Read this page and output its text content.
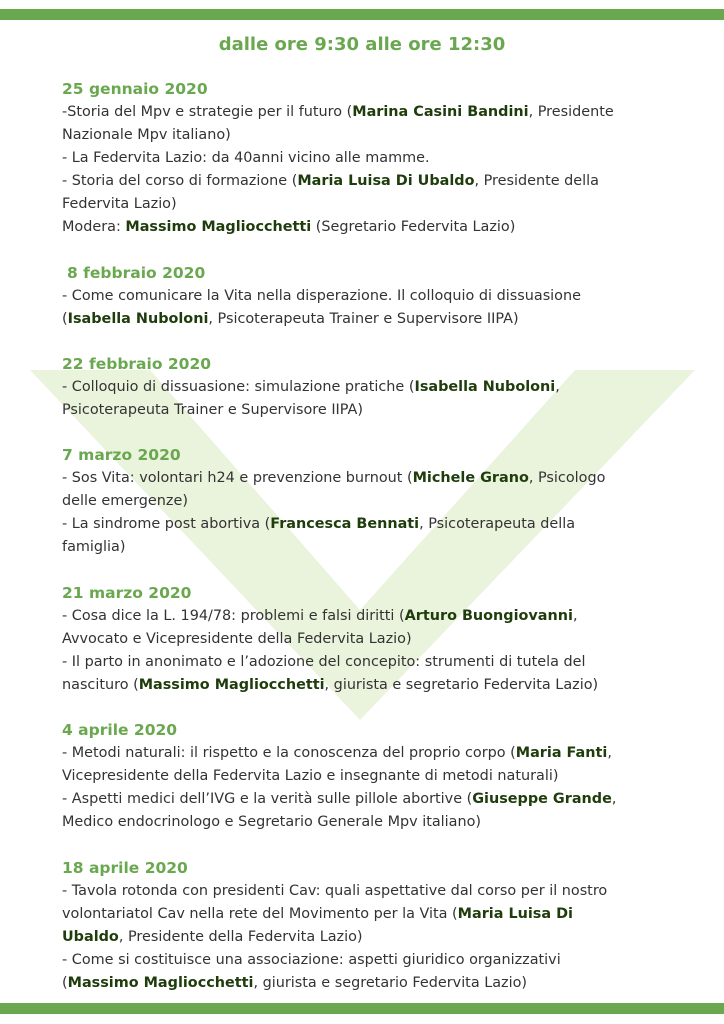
dalle ore 9:30 alle ore 12:30
25 gennaio 2020
-Storia del Mpv e strategie per il futuro (Marina Casini Bandini, Presidente
Nazionale Mpv italiano)
- La Federvita Lazio: da 40anni vicino alle mamme.
- Storia del corso di formazione (Maria Luisa Di Ubaldo, Presidente della
Federvita Lazio)
Modera: Massimo Magliocchetti (Segretario Federvita Lazio)
8 febbraio 2020
- Come comunicare la Vita nella disperazione. Il colloquio di dissuasione
(Isabella Nuboloni, Psicoterapeuta Trainer e Supervisore IIPA)
22 febbraio 2020
- Colloquio di dissuasione: simulazione pratiche (Isabella Nuboloni,
Psicoterapeuta Trainer e Supervisore IIPA)
7 marzo 2020
- Sos Vita: volontari h24 e prevenzione burnout (Michele Grano, Psicologo
delle emergenze)
- La sindrome post abortiva (Francesca Bennati, Psicoterapeuta della
famiglia)
21 marzo 2020
- Cosa dice la L. 194/78: problemi e falsi diritti (Arturo Buongiovanni,
Avvocato e Vicepresidente della Federvita Lazio)
- Il parto in anonimato e l’adozione del concepito: strumenti di tutela del
nascituro (Massimo Magliocchetti, giurista e segretario Federvita Lazio)
4 aprile 2020
- Metodi naturali: il rispetto e la conoscenza del proprio corpo (Maria Fanti,
Vicepresidente della Federvita Lazio e insegnante di metodi naturali)
- Aspetti medici dell’IVG e la verità sulle pillole abortive (Giuseppe Grande,
Medico endocrinologo e Segretario Generale Mpv italiano)
18 aprile 2020
- Tavola rotonda con presidenti Cav: quali aspettative dal corso per il nostro
volontariatol Cav nella rete del Movimento per la Vita (Maria Luisa Di
Ubaldo, Presidente della Federvita Lazio)
- Come si costituisce una associazione: aspetti giuridico organizzativi
(Massimo Magliocchetti, giurista e segretario Federvita Lazio)
